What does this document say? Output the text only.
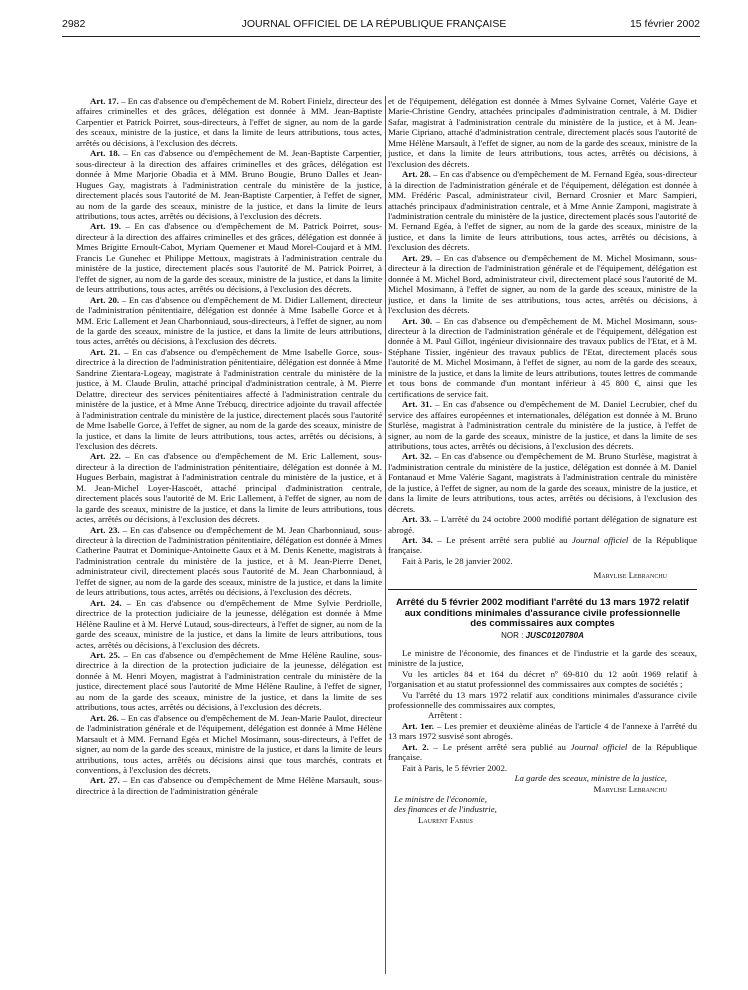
2982	JOURNAL OFFICIEL DE LA RÉPUBLIQUE FRANÇAISE	15 février 2002

Art. 17. – En cas d'absence ou d'empêchement de M. Robert Finielz, directeur des affaires criminelles et des grâces, délégation est donnée à MM. Jean-Baptiste Carpentier et Patrick Poirret, sous-directeurs, à l'effet de signer, au nom de la garde des sceaux, ministre de la justice, et dans la limite de leurs attributions, tous actes, arrêtés ou décisions, à l'exclusion des décrets.

Art. 18. – En cas d'absence ou d'empêchement de M. Jean-Baptiste Carpentier, sous-directeur à la direction des affaires criminelles et des grâces, délégation est donnée à Mme Marjorie Obadia et à MM. Bruno Bougie, Bruno Dalles et Jean-Hugues Gay, magistrats à l'administration centrale du ministère de la justice, directement placés sous l'autorité de M. Jean-Baptiste Carpentier, à l'effet de signer, au nom de la garde des sceaux, ministre de la justice, et dans la limite de leurs attributions, tous actes, arrêtés ou décisions, à l'exclusion des décrets.

Art. 19. – En cas d'absence ou d'empêchement de M. Patrick Poirret, sous-directeur à la direction des affaires criminelles et des grâces, délégation est donnée à Mmes Brigitte Ernoult-Cabot, Myriam Quemener et Maud Morel-Coujard et à MM. Francis Le Gunehec et Philippe Mettoux, magistrats à l'administration centrale du ministère de la justice, directement placés sous l'autorité de M. Patrick Poirret, à l'effet de signer, au nom de la garde des sceaux, ministre de la justice, et dans la limite de leurs attributions, tous actes, arrêtés ou décisions, à l'exclusion des décrets.

Art. 20. – En cas d'absence ou d'empêchement de M. Didier Lallement, directeur de l'administration pénitentiaire, délégation est donnée à Mme Isabelle Gorce et à MM. Eric Lallement et Jean Charbonniaud, sous-directeurs, à l'effet de signer, au nom de la garde des sceaux, ministre de la justice, et dans la limite de leurs attributions, tous actes, arrêtés ou décisions, à l'exclusion des décrets.

Art. 21. – En cas d'absence ou d'empêchement de Mme Isabelle Gorce, sous-directrice à la direction de l'administration pénitentiaire, délégation est donnée à Mme Sandrine Zientara-Logeay, magistrate à l'administration centrale du ministère de la justice, à M. Claude Brulin, attaché principal d'administration centrale, à M. Pierre Delattre, directeur des services pénitentiaires affecté à l'administration centrale du ministère de la justice, et à Mme Anne Trébucq, directrice adjointe du travail affectée à l'administration centrale du ministère de la justice, directement placés sous l'autorité de Mme Isabelle Gorce, à l'effet de signer, au nom de la garde des sceaux, ministre de la justice, et dans la limite de leurs attributions, tous actes, arrêtés ou décisions, à l'exclusion des décrets.

Art. 22. – En cas d'absence ou d'empêchement de M. Eric Lallement, sous-directeur à la direction de l'administration pénitentiaire, délégation est donnée à M. Hugues Berbain, magistrat à l'administration centrale du ministère de la justice, et à M. Jean-Michel Loyer-Hascoët, attaché principal d'administration centrale, directement placés sous l'autorité de M. Eric Lallement, à l'effet de signer, au nom de la garde des sceaux, ministre de la justice, et dans la limite de leurs attributions, tous actes, arrêtés ou décisions, à l'exclusion des décrets.

Art. 23. – En cas d'absence ou d'empêchement de M. Jean Charbonniaud, sous-directeur à la direction de l'administration pénitentiaire, délégation est donnée à Mmes Catherine Pautrat et Dominique-Antoinette Gaux et à M. Denis Kenette, magistrats à l'administration centrale du ministère de la justice, et à M. Jean-Pierre Denet, administrateur civil, directement placés sous l'autorité de M. Jean Charbonniaud, à l'effet de signer, au nom de la garde des sceaux, ministre de la justice, et dans la limite de leurs attributions, tous actes, arrêtés ou décisions, à l'exclusion des décrets.

Art. 24. – En cas d'absence ou d'empêchement de Mme Sylvie Perdriolle, directrice de la protection judiciaire de la jeunesse, délégation est donnée à Mme Hélène Rauline et à M. Hervé Lutaud, sous-directeurs, à l'effet de signer, au nom de la garde des sceaux, ministre de la justice, et dans la limite de leurs attributions, tous actes, arrêtés ou décisions, à l'exclusion des décrets.

Art. 25. – En cas d'absence ou d'empêchement de Mme Hélène Rauline, sous-directrice à la direction de la protection judiciaire de la jeunesse, délégation est donnée à M. Henri Moyen, magistrat à l'administration centrale du ministère de la justice, directement placé sous l'autorité de Mme Hélène Rauline, à l'effet de signer, au nom de la garde des sceaux, ministre de la justice, et dans la limite de ses attributions, tous actes, arrêtés ou décisions, à l'exclusion des décrets.

Art. 26. – En cas d'absence ou d'empêchement de M. Jean-Marie Paulot, directeur de l'administration générale et de l'équipement, délégation est donnée à Mme Hélène Marsault et à MM. Fernand Egéa et Michel Mosimann, sous-directeurs, à l'effet de signer, au nom de la garde des sceaux, ministre de la justice, et dans la limite de leurs attributions, tous actes, arrêtés ou décisions ainsi que tous marchés, contrats et conventions, à l'exclusion des décrets.

Art. 27. – En cas d'absence ou d'empêchement de Mme Hélène Marsault, sous-directrice à la direction de l'administration générale

et de l'équipement, délégation est donnée à Mmes Sylvaine Cornet, Valérie Gaye et Marie-Christine Gendry, attachées principales d'administration centrale, à M. Didier Safar, magistrat à l'administration centrale du ministère de la justice, et à M. Jean-Marie Cipriano, attaché d'administration centrale, directement placés sous l'autorité de Mme Hélène Marsault, à l'effet de signer, au nom de la garde des sceaux, ministre de la justice, et dans la limite de leurs attributions, tous actes, arrêtés ou décisions, à l'exclusion des décrets.

Art. 28. – En cas d'absence ou d'empêchement de M. Fernand Egéa, sous-directeur à la direction de l'administration générale et de l'équipement, délégation est donnée à MM. Frédéric Pascal, administrateur civil, Bernard Crosnier et Marc Sampieri, attachés principaux d'administration centrale, et à Mme Annie Zamponi, magistrate à l'administration centrale du ministère de la justice, directement placés sous l'autorité de M. Fernand Egéa, à l'effet de signer, au nom de la garde des sceaux, ministre de la justice, et dans la limite de leurs attributions, tous actes, arrêtés ou décisions, à l'exclusion des décrets.

Art. 29. – En cas d'absence ou d'empêchement de M. Michel Mosimann, sous-directeur à la direction de l'administration générale et de l'équipement, délégation est donnée à M. Michel Bord, administrateur civil, directement placé sous l'autorité de M. Michel Mosimann, à l'effet de signer, au nom de la garde des sceaux, ministre de la justice, et dans la limite de ses attributions, tous actes, arrêtés ou décisions, à l'exclusion des décrets.

Art. 30. – En cas d'absence ou d'empêchement de M. Michel Mosimann, sous-directeur à la direction de l'administration générale et de l'équipement, délégation est donnée à M. Paul Gillot, ingénieur divisionnaire des travaux publics de l'Etat, et à M. Stéphane Tissier, ingénieur des travaux publics de l'Etat, directement placés sous l'autorité de M. Michel Mosimann, à l'effet de signer, au nom de la garde des sceaux, ministre de la justice, et dans la limite de leurs attributions, toutes lettres de commande et tous bons de commande d'un montant inférieur à 45 800 €, ainsi que les certifications de service fait.

Art. 31. – En cas d'absence ou d'empêchement de M. Daniel Lecrubier, chef du service des affaires européennes et internationales, délégation est donnée à M. Bruno Sturlèse, magistrat à l'administration centrale du ministère de la justice, à l'effet de signer, au nom de la garde des sceaux, ministre de la justice, et dans la limite de ses attributions, tous actes, arrêtés ou décisions, à l'exclusion des décrets.

Art. 32. – En cas d'absence ou d'empêchement de M. Bruno Sturlèse, magistrat à l'administration centrale du ministère de la justice, délégation est donnée à M. Daniel Fontanaud et Mme Valérie Sagant, magistrats à l'administration centrale du ministère de la justice, à l'effet de signer, au nom de la garde des sceaux, ministre de la justice, et dans la limite de leurs attributions, tous actes, arrêtés ou décisions, à l'exclusion des décrets.

Art. 33. – L'arrêté du 24 octobre 2000 modifié portant délégation de signature est abrogé.

Art. 34. – Le présent arrêté sera publié au Journal officiel de la République française.

Fait à Paris, le 28 janvier 2002.

Marylise Lebranchu

Arrêté du 5 février 2002 modifiant l'arrêté du 13 mars 1972 relatif aux conditions minimales d'assurance civile professionnelle des commissaires aux comptes

NOR : JUSC0120780A

Le ministre de l'économie, des finances et de l'industrie et la garde des sceaux, ministre de la justice,

Vu les articles 84 et 164 du décret nº 69-810 du 12 août 1969 relatif à l'organisation et au statut professionnel des commissaires aux comptes de sociétés ;

Vu l'arrêté du 13 mars 1972 relatif aux conditions minimales d'assurance civile professionnelle des commissaires aux comptes,

Arrêtent :

Art. 1er. – Les premier et deuxième alinéas de l'article 4 de l'annexe à l'arrêté du 13 mars 1972 susvisé sont abrogés.

Art. 2. – Le présent arrêté sera publié au Journal officiel de la République française.

Fait à Paris, le 5 février 2002.

La garde des sceaux, ministre de la justice,

Marylise Lebranchu

Le ministre de l'économie,

des finances et de l'industrie,

Laurent Fabius
